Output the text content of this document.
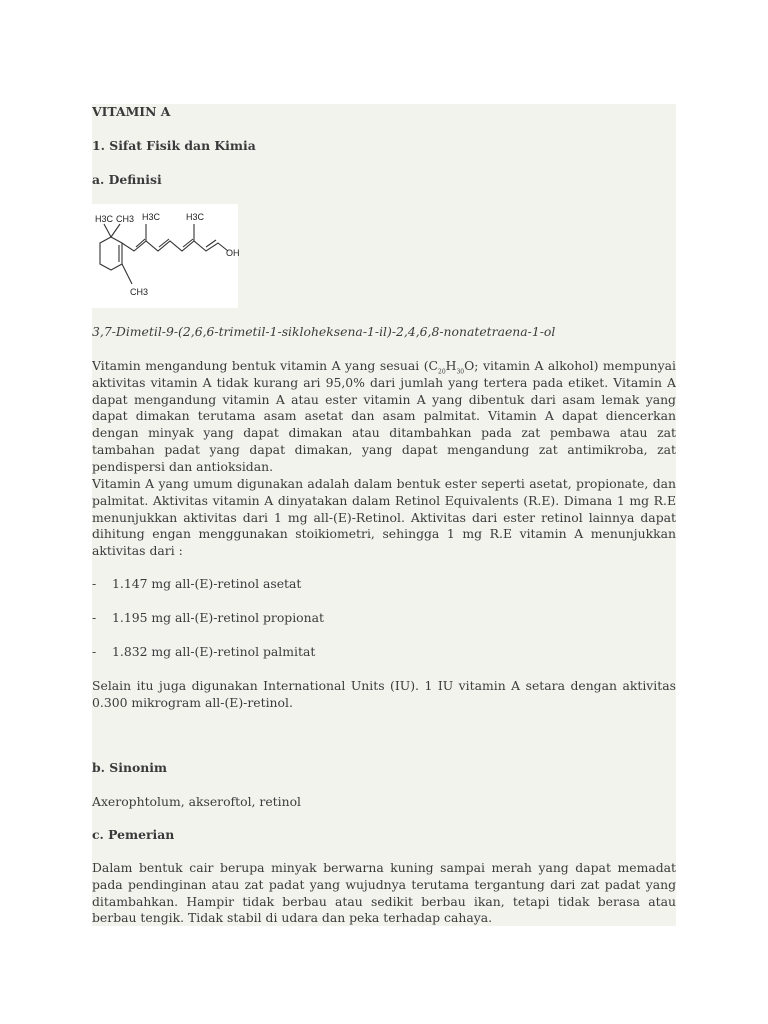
VITAMIN A

1. Sifat Fisik dan Kimia

a. Definisi

H3C CH3 H3C	H3C
OH
CH3

3,7-Dimetil-9-(2,6,6-trimetil-1-sikloheksena-1-il)-2,4,6,8-nonatetraena-1-ol

Vitamin mengandung bentuk vitamin A yang sesuai ($C_{20}H_{30}O$; vitamin A alkohol) mempunyai aktivitas vitamin A tidak kurang ari 95,0% dari jumlah yang tertera pada etiket. Vitamin A dapat mengandung vitamin A atau ester vitamin A yang dibentuk dari asam lemak yang dapat dimakan terutama asam asetat dan asam palmitat. Vitamin A dapat diencerkan dengan minyak yang dapat dimakan atau ditambahkan pada zat pembawa atau zat tambahan padat yang dapat dimakan, yang dapat mengandung zat antimikroba, zat pendispersi dan antioksidan.

Vitamin A yang umum digunakan adalah dalam bentuk ester seperti asetat, propionate, dan palmitat. Aktivitas vitamin A dinyatakan dalam Retinol Equivalents (R.E). Dimana 1 mg R.E menunjukkan aktivitas dari 1 mg all-(E)-Retinol. Aktivitas dari ester retinol lainnya dapat dihitung engan menggunakan stoikiometri, sehingga 1 mg R.E vitamin A menunjukkan aktivitas dari :

- 1.147 mg all-(E)-retinol asetat

- 1.195 mg all-(E)-retinol propionat

- 1.832 mg all-(E)-retinol palmitat

Selain itu juga digunakan International Units (IU). 1 IU vitamin A setara dengan aktivitas 0.300 mikrogram all-(E)-retinol.

b. Sinonim

Axerophtolum, akseroftol, retinol

c. Pemerian

Dalam bentuk cair berupa minyak berwarna kuning sampai merah yang dapat memadat pada pendinginan atau zat padat yang wujudnya terutama tergantung dari zat padat yang ditambahkan. Hampir tidak berbau atau sedikit berbau ikan, tetapi tidak berasa atau berbau tengik. Tidak stabil di udara dan peka terhadap cahaya.
